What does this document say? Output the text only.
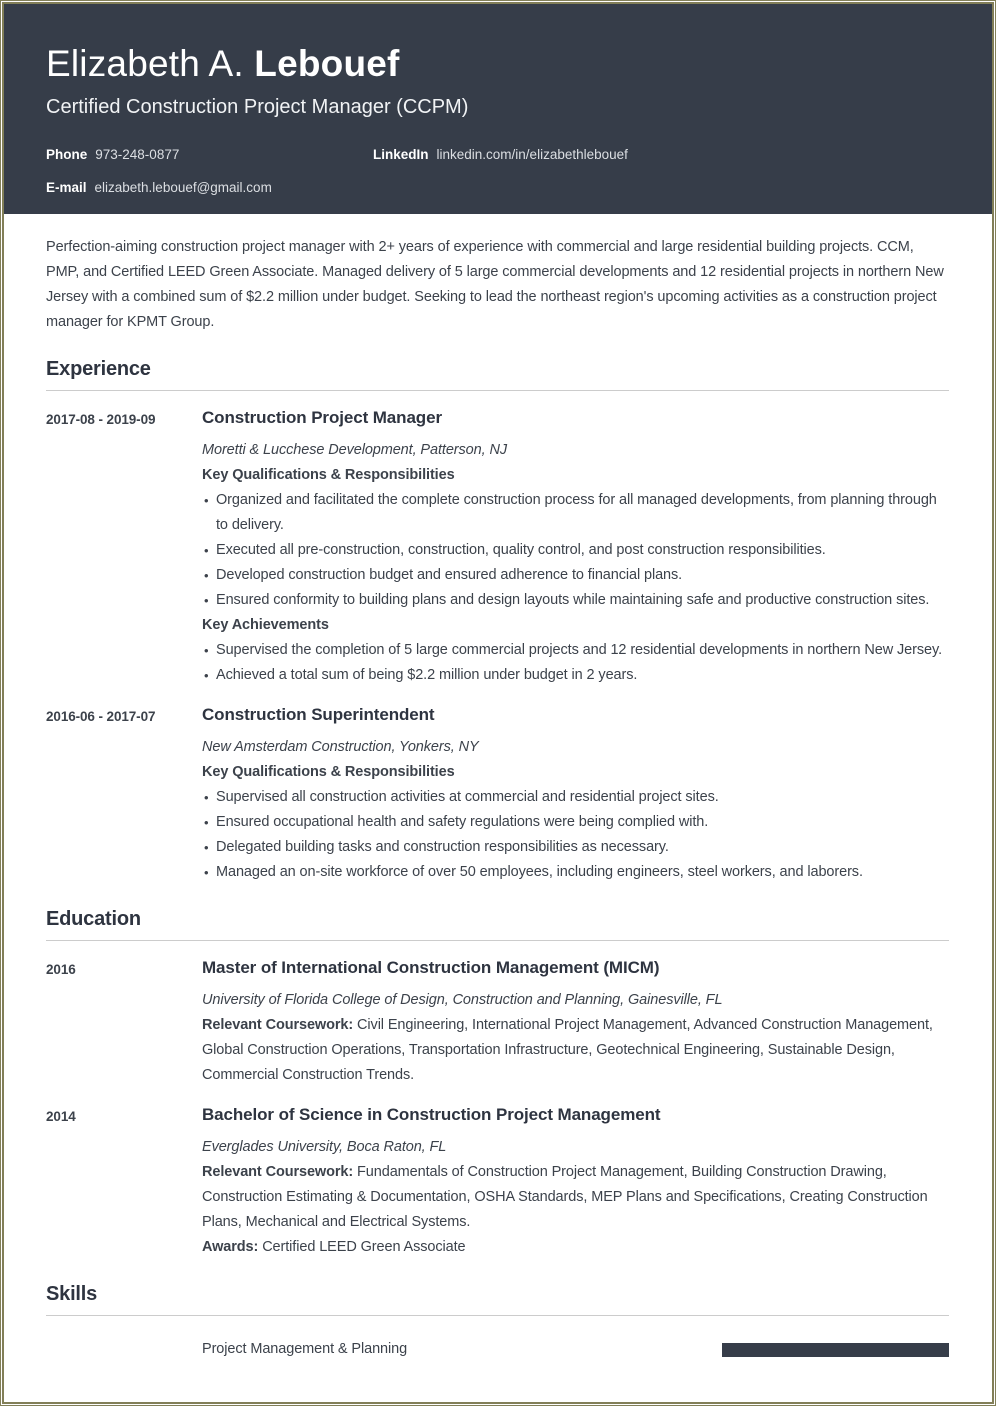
Elizabeth A. Lebouef
Certified Construction Project Manager (CCPM)
Phone 973-248-0877	LinkedIn linkedin.com/in/elizabethlebouef
E-mail elizabeth.lebouef@gmail.com

Perfection-aiming construction project manager with 2+ years of experience with commercial and large residential building projects. CCM, PMP, and Certified LEED Green Associate. Managed delivery of 5 large commercial developments and 12 residential projects in northern New Jersey with a combined sum of $2.2 million under budget. Seeking to lead the northeast region's upcoming activities as a construction project manager for KPMT Group.

Experience
2017-08 - 2019-09	Construction Project Manager

Moretti & Lucchese Development, Patterson, NJ

Key Qualifications & Responsibilities

• Organized and facilitated the complete construction process for all managed developments, from planning through to delivery.
• Executed all pre-construction, construction, quality control, and post construction responsibilities.
• Developed construction budget and ensured adherence to financial plans.
• Ensured conformity to building plans and design layouts while maintaining safe and productive construction sites.

Key Achievements

• Supervised the completion of 5 large commercial projects and 12 residential developments in northern New Jersey.
• Achieved a total sum of being $2.2 million under budget in 2 years.
2016-06 - 2017-07	Construction Superintendent

New Amsterdam Construction, Yonkers, NY

Key Qualifications & Responsibilities

• Supervised all construction activities at commercial and residential project sites.
• Ensured occupational health and safety regulations were being complied with.
• Delegated building tasks and construction responsibilities as necessary.
• Managed an on-site workforce of over 50 employees, including engineers, steel workers, and laborers.
Education
2016	Master of International Construction Management (MICM)

University of Florida College of Design, Construction and Planning, Gainesville, FL

Relevant Coursework: Civil Engineering, International Project Management, Advanced Construction Management, Global Construction Operations, Transportation Infrastructure, Geotechnical Engineering, Sustainable Design, Commercial Construction Trends.

2014	Bachelor of Science in Construction Project Management

Everglades University, Boca Raton, FL

Relevant Coursework: Fundamentals of Construction Project Management, Building Construction Drawing, Construction Estimating & Documentation, OSHA Standards, MEP Plans and Specifications, Creating Construction Plans, Mechanical and Electrical Systems.

Awards: Certified LEED Green Associate

Skills
Project Management & Planning
